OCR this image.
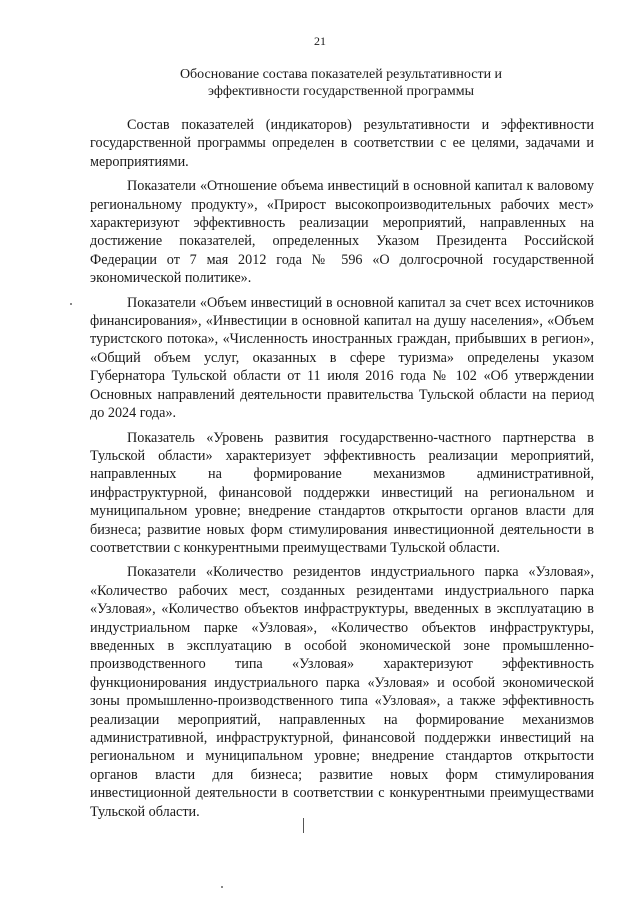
21
Обоснование состава показателей результативности и
эффективности государственной программы

Состав показателей (индикаторов) результативности и эффективности государственной программы определен в соответствии с ее целями, задачами и мероприятиями.

Показатели «Отношение объема инвестиций в основной капитал к валовому региональному продукту», «Прирост высокопроизводительных рабочих мест» характеризуют эффективность реализации мероприятий, направленных на достижение показателей, определенных Указом Президента Российской Федерации от 7 мая 2012 года № 596 «О долгосрочной государственной экономической политике».

Показатели «Объем инвестиций в основной капитал за счет всех источников финансирования», «Инвестиции в основной капитал на душу населения», «Объем туристского потока», «Численность иностранных граждан, прибывших в регион», «Общий объем услуг, оказанных в сфере туризма» определены указом Губернатора Тульской области от 11 июля 2016 года № 102 «Об утверждении Основных направлений деятельности правительства Тульской области на период до 2024 года».

Показатель «Уровень развития государственно-частного партнерства в Тульской области» характеризует эффективность реализации мероприятий, направленных на формирование механизмов административной, инфраструктурной, финансовой поддержки инвестиций на региональном и муниципальном уровне; внедрение стандартов открытости органов власти для бизнеса; развитие новых форм стимулирования инвестиционной деятельности в соответствии с конкурентными преимуществами Тульской области.

Показатели «Количество резидентов индустриального парка «Узловая», «Количество рабочих мест, созданных резидентами индустриального парка «Узловая», «Количество объектов инфраструктуры, введенных в эксплуатацию в индустриальном парке «Узловая», «Количество объектов инфраструктуры, введенных в эксплуатацию в особой экономической зоне промышленно-производственного типа «Узловая» характеризуют эффективность функционирования индустриального парка «Узловая» и особой экономической зоны промышленно-производственного типа «Узловая», а также эффективность реализации мероприятий, направленных на формирование механизмов административной, инфраструктурной, финансовой поддержки инвестиций на региональном и муниципальном уровне; внедрение стандартов открытости органов власти для бизнеса; развитие новых форм стимулирования инвестиционной деятельности в соответствии с конкурентными преимуществами Тульской области.
